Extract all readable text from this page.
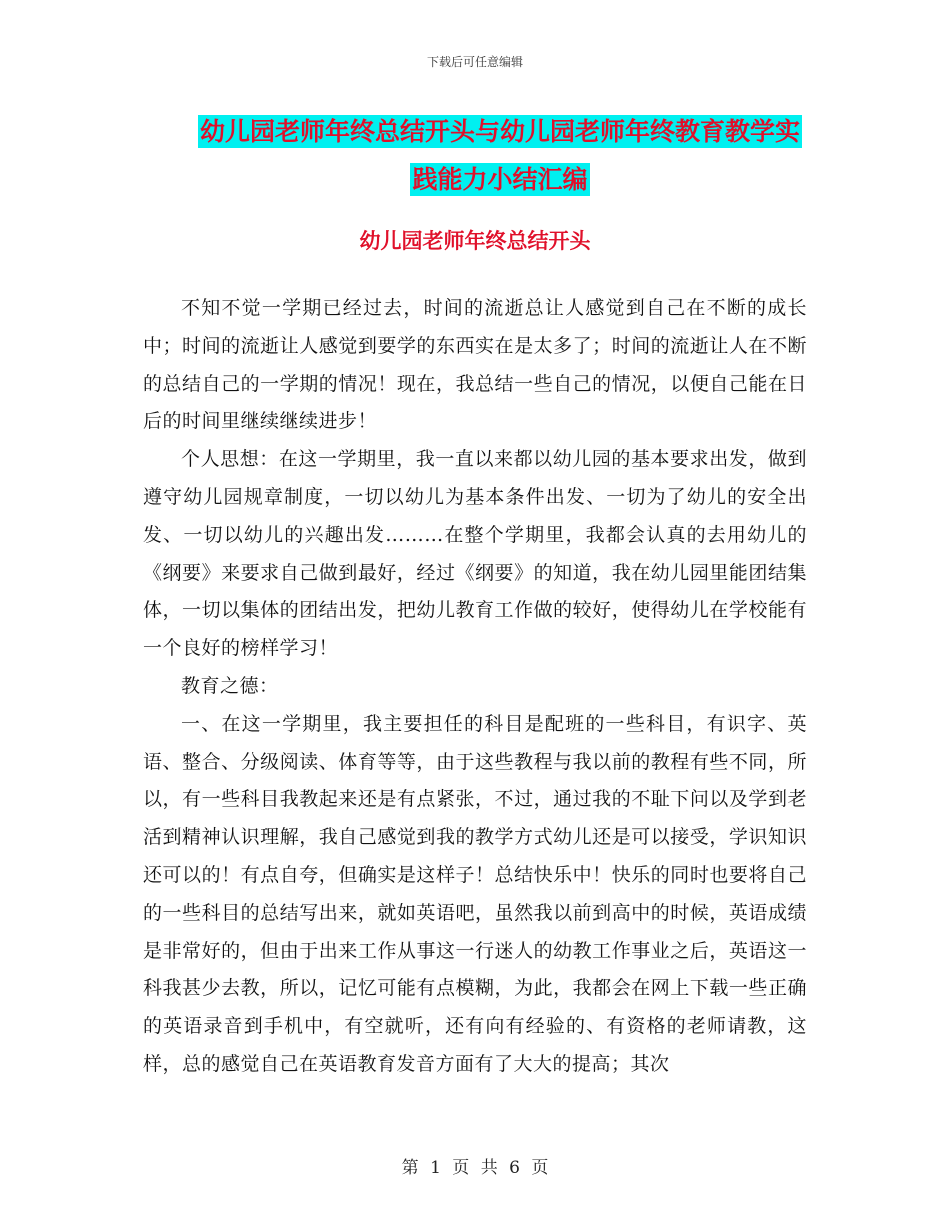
下载后可任意编辑
幼儿园老师年终总结开头与幼儿园老师年终教育教学实践能力小结汇编
幼儿园老师年终总结开头

不知不觉一学期已经过去，时间的流逝总让人感觉到自己在不断的成长中；时间的流逝让人感觉到要学的东西实在是太多了；时间的流逝让人在不断的总结自己的一学期的情况！现在，我总结一些自己的情况，以便自己能在日后的时间里继续继续进步！

个人思想：在这一学期里，我一直以来都以幼儿园的基本要求出发，做到遵守幼儿园规章制度，一切以幼儿为基本条件出发、一切为了幼儿的安全出发、一切以幼儿的兴趣出发………在整个学期里，我都会认真的去用幼儿的《纲要》来要求自己做到最好，经过《纲要》的知道，我在幼儿园里能团结集体，一切以集体的团结出发，把幼儿教育工作做的较好，使得幼儿在学校能有一个良好的榜样学习！

教育之德：

一、在这一学期里，我主要担任的科目是配班的一些科目，有识字、英语、整合、分级阅读、体育等等，由于这些教程与我以前的教程有些不同，所以，有一些科目我教起来还是有点紧张，不过，通过我的不耻下问以及学到老活到精神认识理解，我自己感觉到我的教学方式幼儿还是可以接受，学识知识还可以的！有点自夸，但确实是这样子！总结快乐中！快乐的同时也要将自己的一些科目的总结写出来，就如英语吧，虽然我以前到高中的时候，英语成绩是非常好的，但由于出来工作从事这一行迷人的幼教工作事业之后，英语这一科我甚少去教，所以，记忆可能有点模糊，为此，我都会在网上下载一些正确的英语录音到手机中，有空就听，还有向有经验的、有资格的老师请教，这样，总的感觉自己在英语教育发音方面有了大大的提高；其次

第 1 页 共 6 页
